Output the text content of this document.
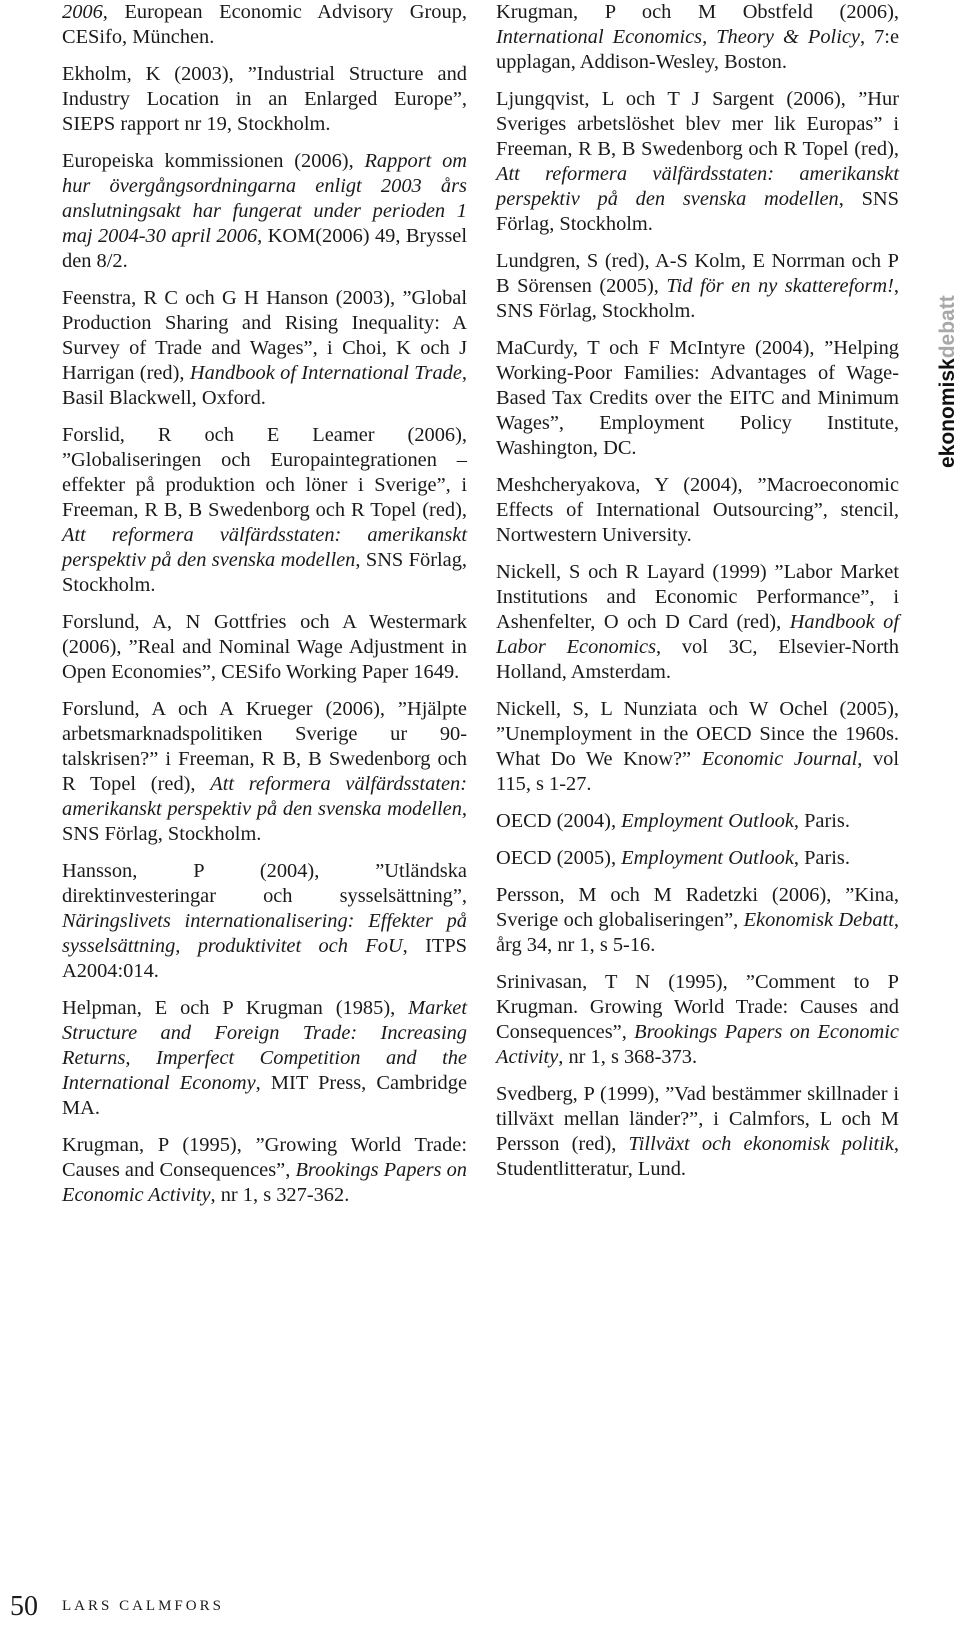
2006, European Economic Advisory Group, CESifo, München.

Ekholm, K (2003), ”Industrial Structure and Industry Location in an Enlarged Europe”, SIEPS rapport nr 19, Stockholm.

Europeiska kommissionen (2006), Rapport om hur övergångsordningarna enligt 2003 års anslutningsakt har fungerat under perioden 1 maj 2004-30 april 2006, KOM(2006) 49, Bryssel den 8/2.

Feenstra, R C och G H Hanson (2003), ”Global Production Sharing and Rising Inequality: A Survey of Trade and Wages”, i Choi, K och J Harrigan (red), Handbook of International Trade, Basil Blackwell, Oxford.

Forslid, R och E Leamer (2006), ”Globaliseringen och Europaintegrationen – effekter på produktion och löner i Sverige”, i Freeman, R B, B Swedenborg och R Topel (red), Att reformera välfärdsstaten: amerikanskt perspektiv på den svenska modellen, SNS Förlag, Stockholm.

Forslund, A, N Gottfries och A Westermark (2006), ”Real and Nominal Wage Adjustment in Open Economies”, CESifo Working Paper 1649.

Forslund, A och A Krueger (2006), ”Hjälpte arbetsmarknadspolitiken Sverige ur 90-talskrisen?” i Freeman, R B, B Swedenborg och R Topel (red), Att reformera välfärdsstaten: amerikanskt perspektiv på den svenska modellen, SNS Förlag, Stockholm.

Hansson, P (2004), ”Utländska direktinvesteringar och sysselsättning”, Näringslivets internationalisering: Effekter på sysselsättning, produktivitet och FoU, ITPS A2004:014.

Helpman, E och P Krugman (1985), Market Structure and Foreign Trade: Increasing Returns, Imperfect Competition and the International Economy, MIT Press, Cambridge MA.

Krugman, P (1995), ”Growing World Trade: Causes and Consequences”, Brookings Papers on Economic Activity, nr 1, s 327-362.

Krugman, P och M Obstfeld (2006), International Economics, Theory & Policy, 7:e upplagan, Addison-Wesley, Boston.

Ljungqvist, L och T J Sargent (2006), ”Hur Sveriges arbetslöshet blev mer lik Europas” i Freeman, R B, B Swedenborg och R Topel (red), Att reformera välfärdsstaten: amerikanskt perspektiv på den svenska modellen, SNS Förlag, Stockholm.

Lundgren, S (red), A-S Kolm, E Norrman och P B Sörensen (2005), Tid för en ny skattereform!, SNS Förlag, Stockholm.

MaCurdy, T och F McIntyre (2004), ”Helping Working-Poor Families: Advantages of Wage-Based Tax Credits over the EITC and Minimum Wages”, Employment Policy Institute, Washington, DC.

Meshcheryakova, Y (2004), ”Macroeconomic Effects of International Outsourcing”, stencil, Nortwestern University.

Nickell, S och R Layard (1999) ”Labor Market Institutions and Economic Performance”, i Ashenfelter, O och D Card (red), Handbook of Labor Economics, vol 3C, Elsevier-North Holland, Amsterdam.

Nickell, S, L Nunziata och W Ochel (2005), ”Unemployment in the OECD Since the 1960s. What Do We Know?” Economic Journal, vol 115, s 1-27.

OECD (2004), Employment Outlook, Paris.

OECD (2005), Employment Outlook, Paris.

Persson, M och M Radetzki (2006), ”Kina, Sverige och globaliseringen”, Ekonomisk Debatt, årg 34, nr 1, s 5-16.

Srinivasan, T N (1995), ”Comment to P Krugman. Growing World Trade: Causes and Consequences”, Brookings Papers on Economic Activity, nr 1, s 368-373.

Svedberg, P (1999), ”Vad bestämmer skillnader i tillväxt mellan länder?”, i Calmfors, L och M Persson (red), Tillväxt och ekonomisk politik, Studentlitteratur, Lund.

ekonomiskdebatt
50 LARS CALMFORS
